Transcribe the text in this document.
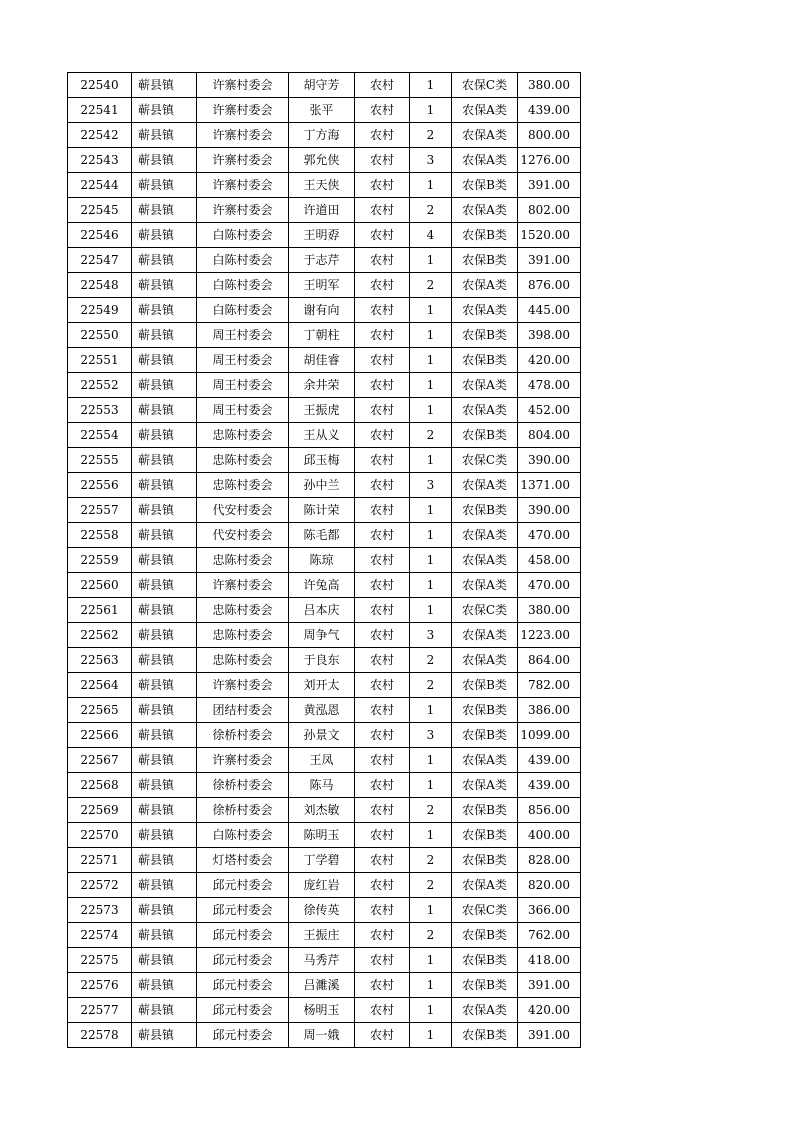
22540	蕲县镇	许寨村委会	胡守芳	农村	1	农保C类	380.00
22541	蕲县镇	许寨村委会	张平	农村	1	农保A类	439.00
22542	蕲县镇	许寨村委会	丁方海	农村	2	农保A类	800.00
22543	蕲县镇	许寨村委会	郭允侠	农村	3	农保A类	1276.00
22544	蕲县镇	许寨村委会	王天侠	农村	1	农保B类	391.00
22545	蕲县镇	许寨村委会	许道田	农村	2	农保A类	802.00
22546	蕲县镇	白陈村委会	王明孬	农村	4	农保B类	1520.00
22547	蕲县镇	白陈村委会	于志芹	农村	1	农保B类	391.00
22548	蕲县镇	白陈村委会	王明军	农村	2	农保A类	876.00
22549	蕲县镇	白陈村委会	谢有向	农村	1	农保A类	445.00
22550	蕲县镇	周王村委会	丁朝柱	农村	1	农保B类	398.00
22551	蕲县镇	周王村委会	胡佳睿	农村	1	农保B类	420.00
22552	蕲县镇	周王村委会	余井荣	农村	1	农保A类	478.00
22553	蕲县镇	周王村委会	王振虎	农村	1	农保A类	452.00
22554	蕲县镇	忠陈村委会	王从义	农村	2	农保B类	804.00
22555	蕲县镇	忠陈村委会	邱玉梅	农村	1	农保C类	390.00
22556	蕲县镇	忠陈村委会	孙中兰	农村	3	农保A类	1371.00
22557	蕲县镇	代安村委会	陈计荣	农村	1	农保B类	390.00
22558	蕲县镇	代安村委会	陈毛都	农村	1	农保A类	470.00
22559	蕲县镇	忠陈村委会	陈琼	农村	1	农保A类	458.00
22560	蕲县镇	许寨村委会	许兔高	农村	1	农保A类	470.00
22561	蕲县镇	忠陈村委会	吕本庆	农村	1	农保C类	380.00
22562	蕲县镇	忠陈村委会	周争气	农村	3	农保A类	1223.00
22563	蕲县镇	忠陈村委会	于良东	农村	2	农保A类	864.00
22564	蕲县镇	许寨村委会	刘开太	农村	2	农保B类	782.00
22565	蕲县镇	团结村委会	黄泓恩	农村	1	农保B类	386.00
22566	蕲县镇	徐桥村委会	孙景文	农村	3	农保B类	1099.00
22567	蕲县镇	许寨村委会	王凤	农村	1	农保A类	439.00
22568	蕲县镇	徐桥村委会	陈马	农村	1	农保A类	439.00
22569	蕲县镇	徐桥村委会	刘杰敏	农村	2	农保B类	856.00
22570	蕲县镇	白陈村委会	陈明玉	农村	1	农保B类	400.00
22571	蕲县镇	灯塔村委会	丁学碧	农村	2	农保B类	828.00
22572	蕲县镇	邱元村委会	庞红岩	农村	2	农保A类	820.00
22573	蕲县镇	邱元村委会	徐传英	农村	1	农保C类	366.00
22574	蕲县镇	邱元村委会	王振庄	农村	2	农保B类	762.00
22575	蕲县镇	邱元村委会	马秀芹	农村	1	农保B类	418.00
22576	蕲县镇	邱元村委会	吕濉溪	农村	1	农保B类	391.00
22577	蕲县镇	邱元村委会	杨明玉	农村	1	农保A类	420.00
22578	蕲县镇	邱元村委会	周一娥	农村	1	农保B类	391.00
